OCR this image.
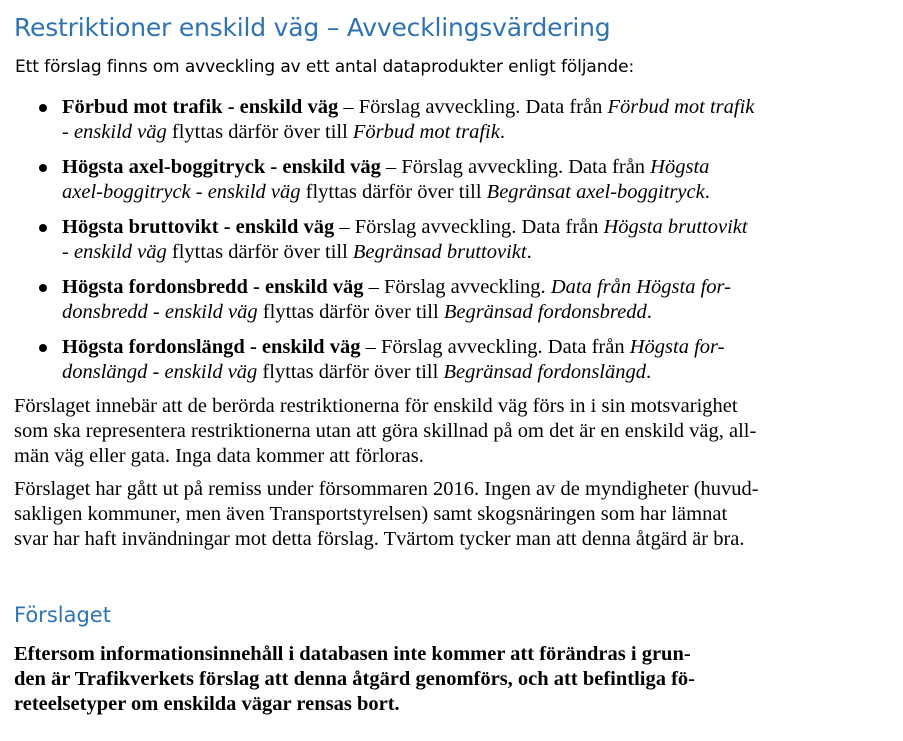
Restriktioner enskild väg – Avvecklingsvärdering
Ett förslag finns om avveckling av ett antal dataprodukter enligt följande:
Förbud mot trafik - enskild väg – Förslag avveckling. Data från Förbud mot trafik
- enskild väg flyttas därför över till Förbud mot trafik.
Högsta axel-boggitryck - enskild väg – Förslag avveckling. Data från Högsta
axel-boggitryck - enskild väg flyttas därför över till Begränsat axel-boggitryck.
Högsta bruttovikt - enskild väg – Förslag avveckling. Data från Högsta bruttovikt
- enskild väg flyttas därför över till Begränsad bruttovikt.
Högsta fordonsbredd - enskild väg – Förslag avveckling. Data från Högsta for-
donsbredd - enskild väg flyttas därför över till Begränsad fordonsbredd.
Högsta fordonslängd - enskild väg – Förslag avveckling. Data från Högsta for-
donslängd - enskild väg flyttas därför över till Begränsad fordonslängd.
Förslaget innebär att de berörda restriktionerna för enskild väg förs in i sin motsvarighet
som ska representera restriktionerna utan att göra skillnad på om det är en enskild väg, all-
män väg eller gata. Inga data kommer att förloras.
Förslaget har gått ut på remiss under försommaren 2016. Ingen av de myndigheter (huvud-
sakligen kommuner, men även Transportstyrelsen) samt skogsnäringen som har lämnat
svar har haft invändningar mot detta förslag. Tvärtom tycker man att denna åtgärd är bra.
Förslaget
Eftersom informationsinnehåll i databasen inte kommer att förändras i grun-
den är Trafikverkets förslag att denna åtgärd genomförs, och att befintliga fö-
reteelsetyper om enskilda vägar rensas bort.
